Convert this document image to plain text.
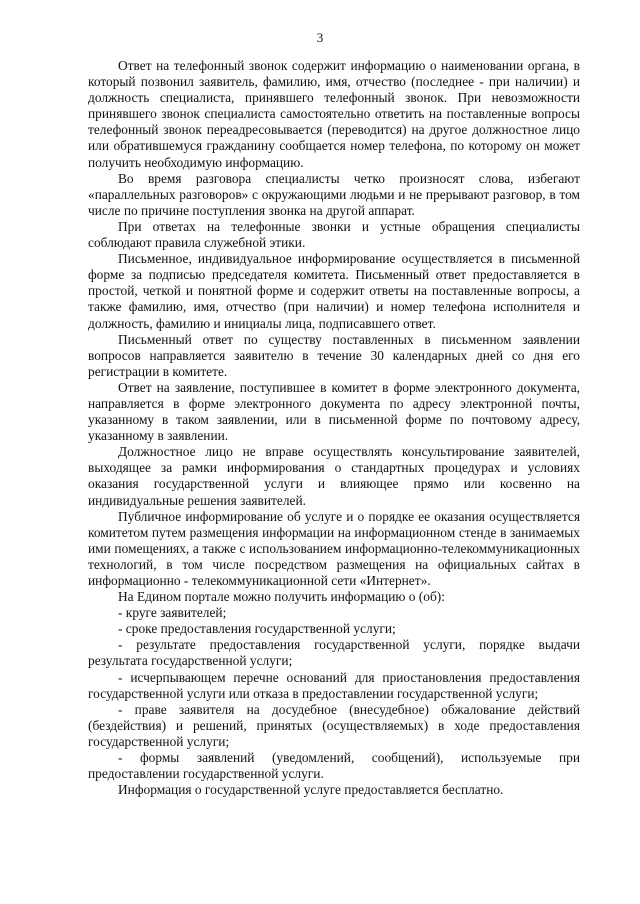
3

Ответ на телефонный звонок содержит информацию о наименовании органа, в который позвонил заявитель, фамилию, имя, отчество (последнее - при наличии) и должность специалиста, принявшего телефонный звонок. При невозможности принявшего звонок специалиста самостоятельно ответить на поставленные вопросы телефонный звонок переадресовывается (переводится) на другое должностное лицо или обратившемуся гражданину сообщается номер телефона, по которому он может получить необходимую информацию.

Во время разговора специалисты четко произносят слова, избегают «параллельных разговоров» с окружающими людьми и не прерывают разговор, в том числе по причине поступления звонка на другой аппарат.

При ответах на телефонные звонки и устные обращения специалисты соблюдают правила служебной этики.

Письменное, индивидуальное информирование осуществляется в письменной форме за подписью председателя комитета. Письменный ответ предоставляется в простой, четкой и понятной форме и содержит ответы на поставленные вопросы, а также фамилию, имя, отчество (при наличии) и номер телефона исполнителя и должность, фамилию и инициалы лица, подписавшего ответ.

Письменный ответ по существу поставленных в письменном заявлении вопросов направляется заявителю в течение 30 календарных дней со дня его регистрации в комитете.

Ответ на заявление, поступившее в комитет в форме электронного документа, направляется в форме электронного документа по адресу электронной почты, указанному в таком заявлении, или в письменной форме по почтовому адресу, указанному в заявлении.

Должностное лицо не вправе осуществлять консультирование заявителей, выходящее за рамки информирования о стандартных процедурах и условиях оказания государственной услуги и влияющее прямо или косвенно на индивидуальные решения заявителей.

Публичное информирование об услуге и о порядке ее оказания осуществляется комитетом путем размещения информации на информационном стенде в занимаемых ими помещениях, а также с использованием информационно-телекоммуникационных технологий, в том числе посредством размещения на официальных сайтах в информационно - телекоммуникационной сети «Интернет».

На Едином портале можно получить информацию о (об):

- круге заявителей;

- сроке предоставления государственной услуги;

- результате предоставления государственной услуги, порядке выдачи результата государственной услуги;

- исчерпывающем перечне оснований для приостановления предоставления государственной услуги или отказа в предоставлении государственной услуги;

- праве заявителя на досудебное (внесудебное) обжалование действий (бездействия) и решений, принятых (осуществляемых) в ходе предоставления государственной услуги;

- формы заявлений (уведомлений, сообщений), используемые при предоставлении государственной услуги.

Информация о государственной услуге предоставляется бесплатно.
